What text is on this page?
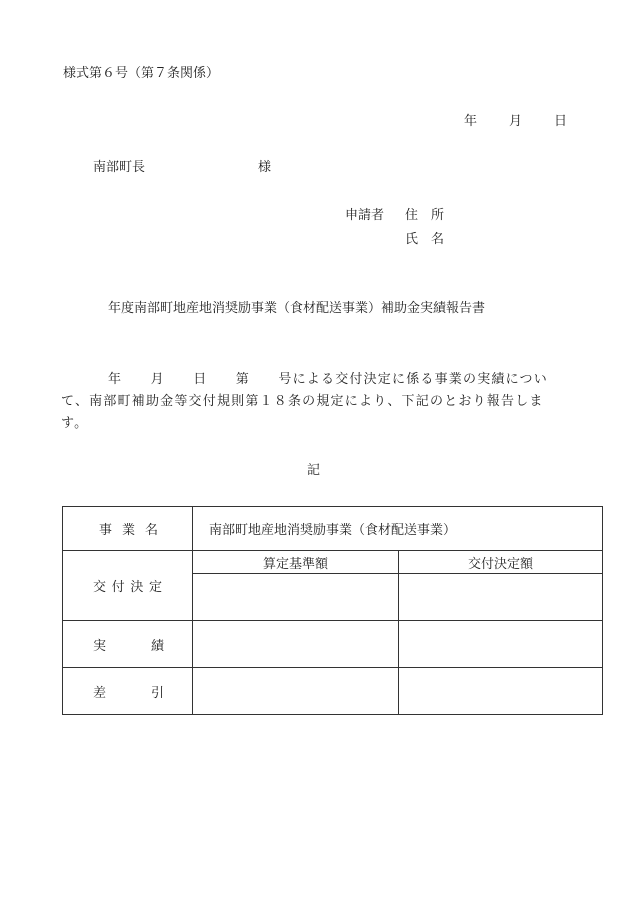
様式第６号（第７条関係）
年 月 日
南部町長	様
申請者 住　所
氏　名
年度南部町地産地消奨励事業（食材配送事業）補助金実績報告書
年　　月　　日　　第　　号による交付決定に係る事業の実績につい
て、南部町補助金等交付規則第１８条の規定により、下記のとおり報告しま
す。
記
事 業 名	南部町地産地消奨励事業（食材配送事業）	

交 付 決 定	算定基準額	交付決定額

実 績		

差 引		
